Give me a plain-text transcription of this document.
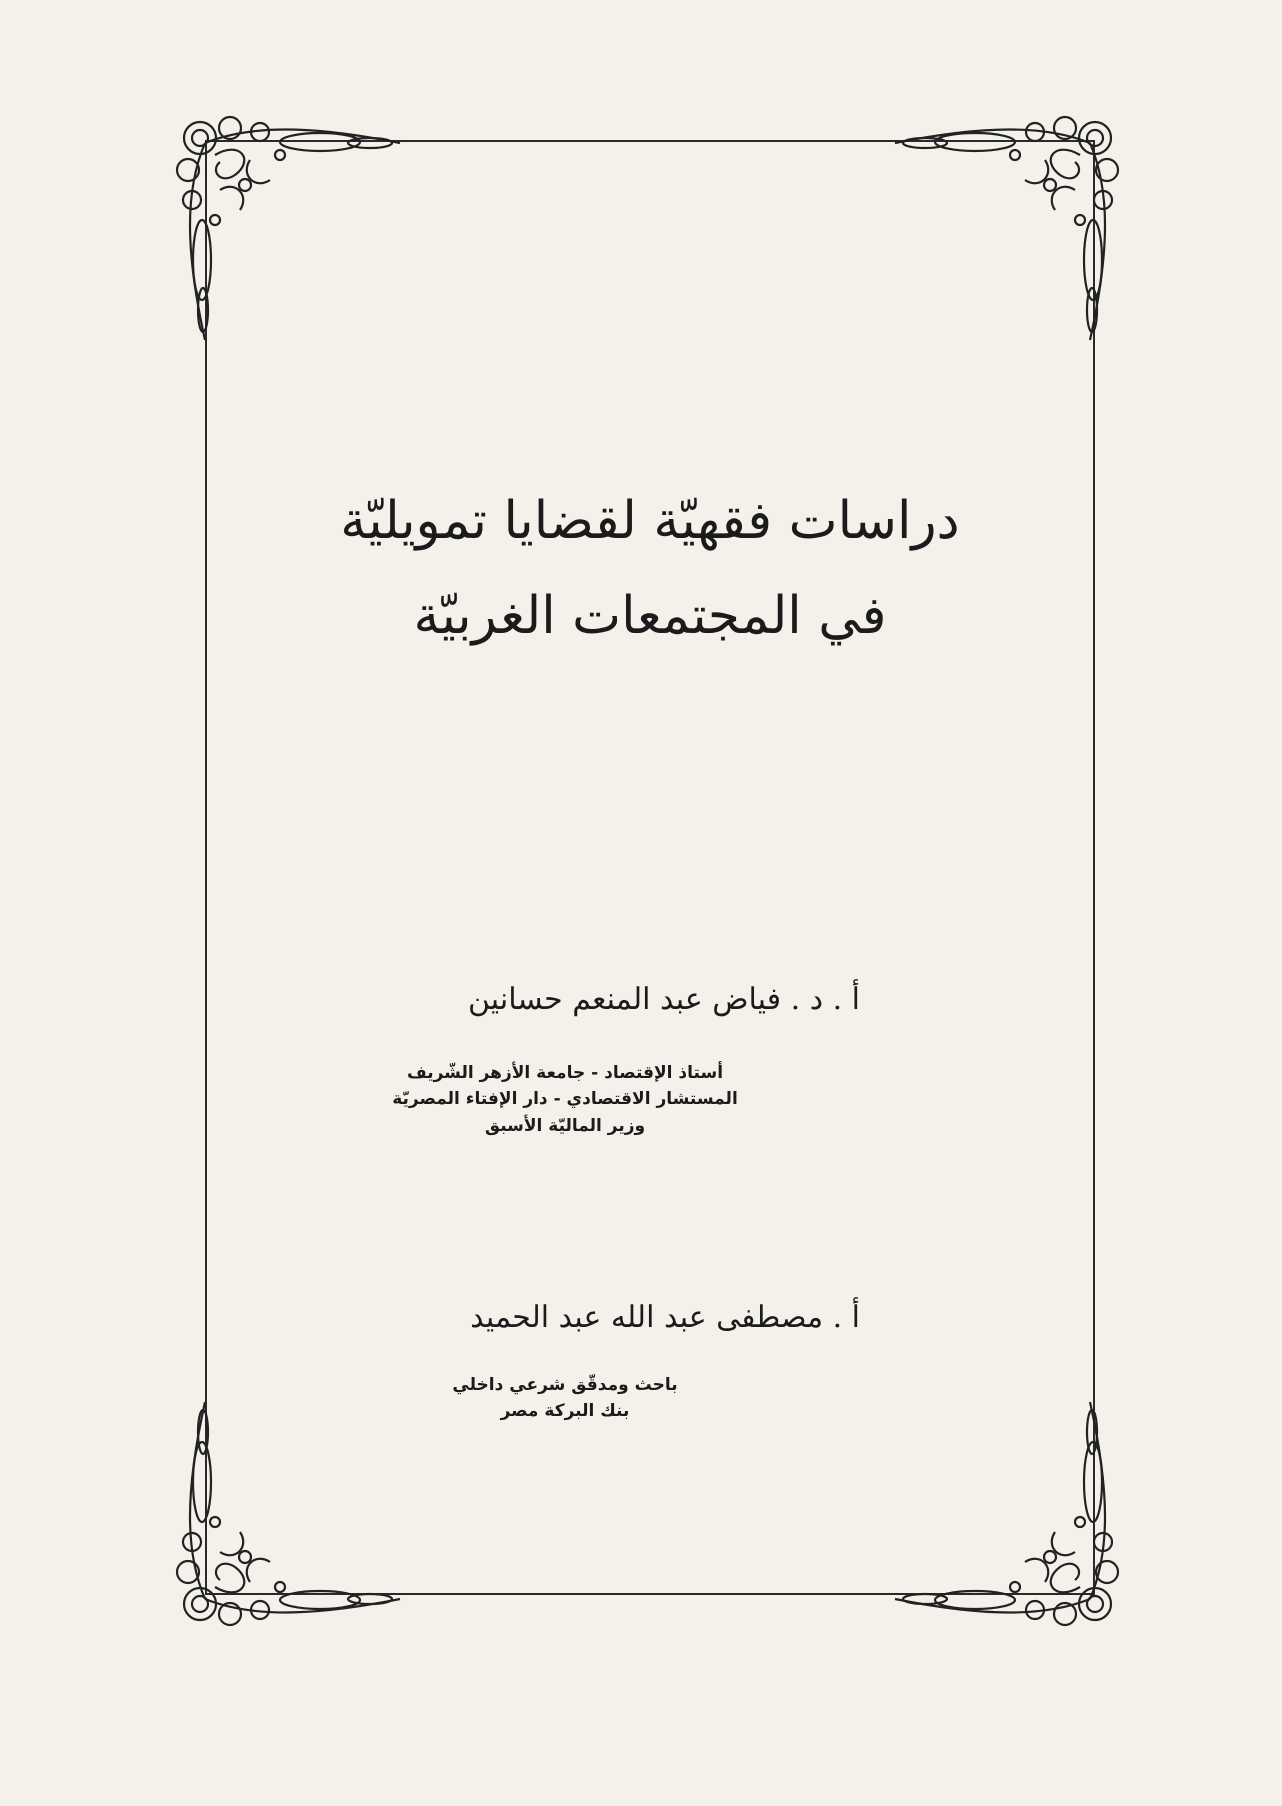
دراسات فقهيّة لقضايا تمويليّة
في المجتمعات الغربيّة
أ . د . فياض عبد المنعم حسانين
أستاذ الإقتصاد - جامعة الأزهر الشّريف
المستشار الاقتصادي - دار الإفتاء المصريّة
وزير الماليّة الأسبق
أ . مصطفى عبد الله عبد الحميد
باحث ومدقّق شرعي داخلي
بنك البركة مصر
